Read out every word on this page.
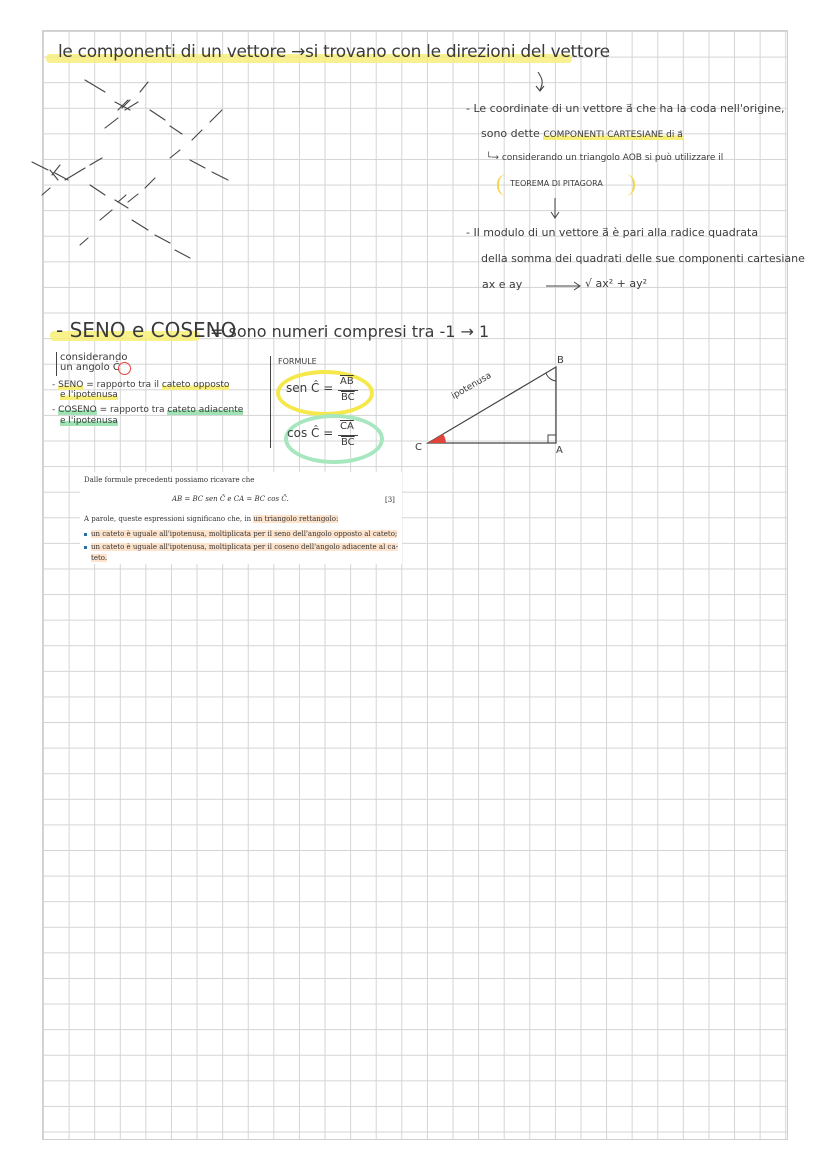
le componenti di un vettore →si trovano con le direzioni del vettore
- Le coordinate di un vettore a⃗ che ha la coda nell'origine,
sono dette COMPONENTI CARTESIANE di a⃗
└→ considerando un triangolo AOB si può utilizzare il
TEOREMA DI PITAGORA
- Il modulo di un vettore a⃗ è pari alla radice quadrata
della somma dei quadrati delle sue componenti cartesiane
ax e ay	√ ax² + ay²
- SENO e COSENO
= sono numeri compresi tra -1 → 1
considerando
un angolo Ĉ
- SENO = rapporto tra il cateto opposto
e l'ipotenusa
- COSENO = rapporto tra cateto adiacente
e l'ipotenusa
FORMULE
sen Ĉ = $\overline{AB}$
$\overline{BC}$
cos Ĉ = $\overline{CA}$
$\overline{BC}$
B
C	A
ipotenusa

Dalle formule precedenti possiamo ricavare che

AB = BC sen Ĉ e CA = BC cos Ĉ.	[3]

A parole, queste espressioni significano che, in un triangolo rettangolo:

un cateto è uguale all'ipotenusa, moltiplicata per il seno dell'angolo opposto al cateto;

un cateto è uguale all'ipotenusa, moltiplicata per il coseno dell'angolo adiacente al ca-

teto.
